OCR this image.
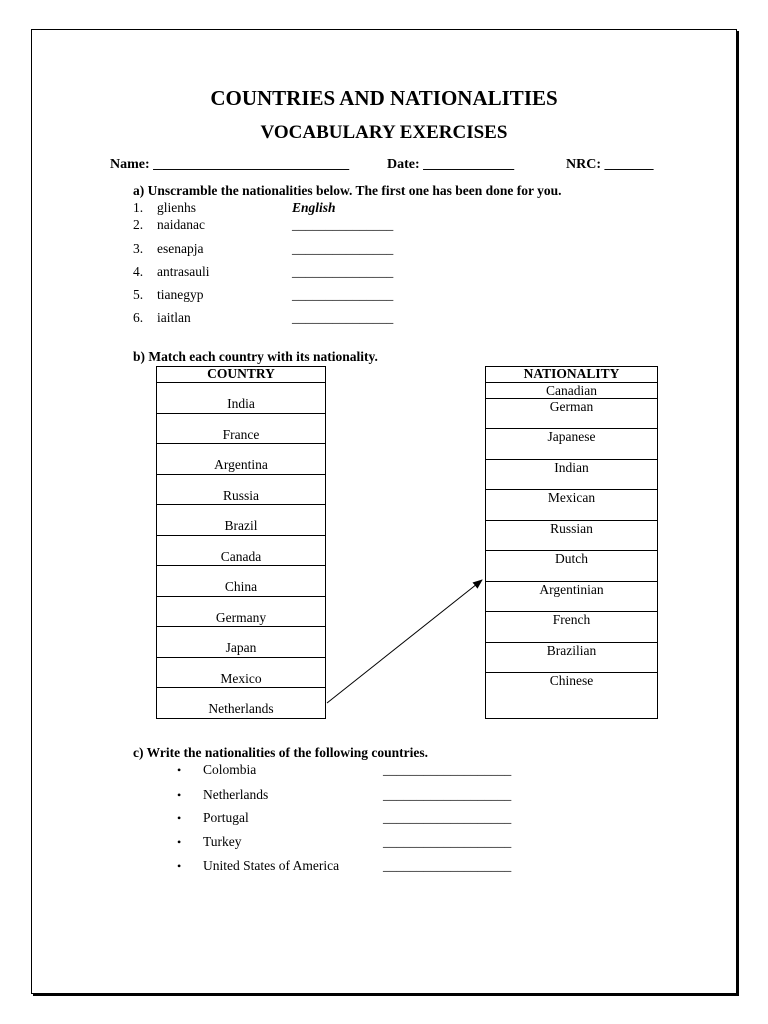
COUNTRIES AND NATIONALITIES
VOCABULARY EXERCISES
Name: ____________________________	Date: _____________	NRC: _______
a) Unscramble the nationalities below. The first one has been done for you.
1. glienhs	English
2. naidanac	_______________
3. esenapja	_______________
4. antrasauli	_______________
5. tianegyp	_______________
6. iaitlan	_______________
b) Match each country with its nationality.
COUNTRY
India
France
Argentina
Russia
Brazil
Canada
China
Germany
Japan
Mexico
Netherlands
NATIONALITY
Canadian
German
Japanese
Indian
Mexican
Russian
Dutch
Argentinian
French
Brazilian
Chinese
c) Write the nationalities of the following countries.
• Colombia	___________________
• Netherlands	___________________
• Portugal	___________________
• Turkey	___________________
• United States of America	___________________
